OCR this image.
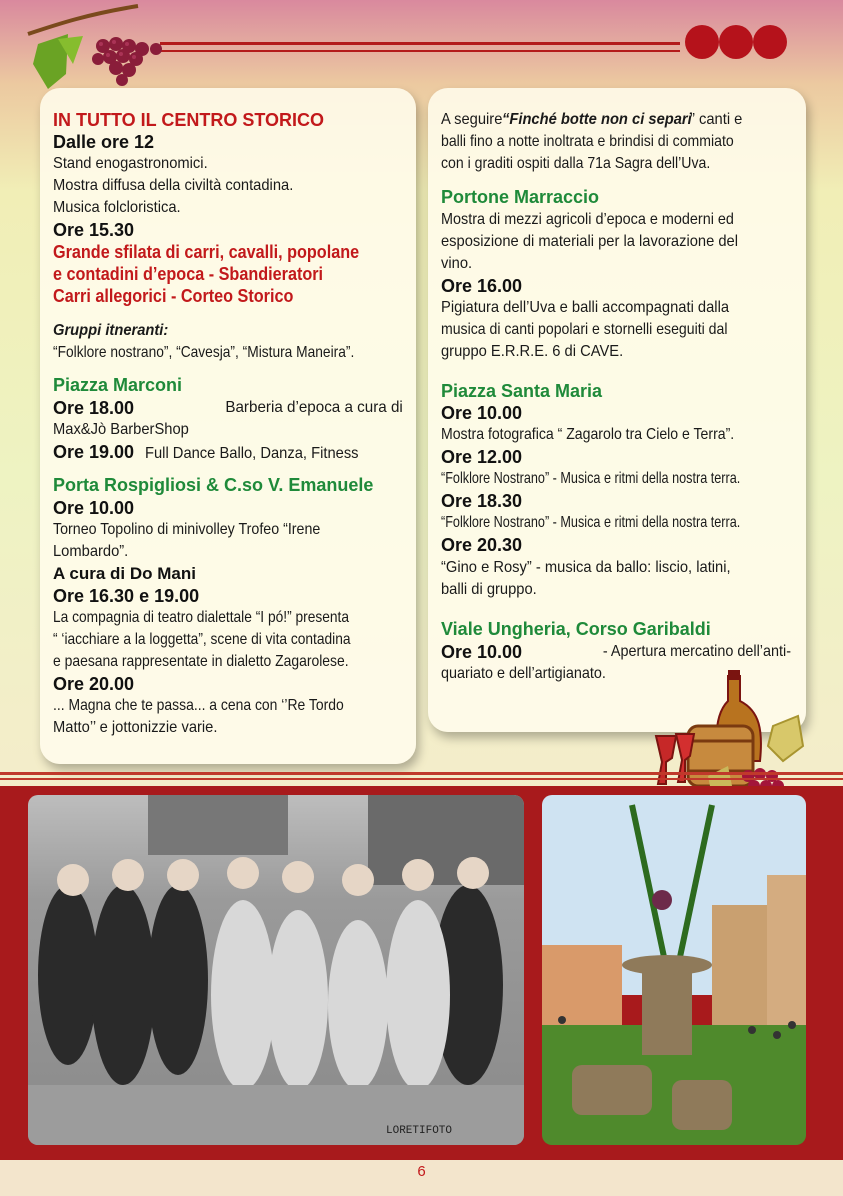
IN TUTTO IL CENTRO STORICO

Dalle ore 12

Stand enogastronomici.

Mostra diffusa della civiltà contadina.

Musica folcloristica.

Ore 15.30

Grande sfilata di carri, cavalli, popolane

e contadini d’epoca - Sbandieratori

Carri allegorici - Corteo Storico

Gruppi itneranti:

“Folklore nostrano”, “Cavesja”, “Mistura Maneira”.

Piazza Marconi

Ore 18.00	Barberia d’epoca a cura di

Max&Jò BarberShop

Ore 19.00 Full Dance Ballo, Danza, Fitness

Porta Rospigliosi & C.so V. Emanuele

Ore 10.00

Torneo Topolino di minivolley Trofeo “Irene

Lombardo”.

A cura di Do Mani

Ore 16.30 e 19.00

La compagnia di teatro dialettale “I pó!” presenta

“ ‘iacchiare a la loggetta”, scene di vita contadina

e paesana rappresentate in dialetto Zagarolese.

Ore 20.00

... Magna che te passa... a cena con ‘’Re Tordo

Matto’’ e jottonizzie varie.

A seguire“Finché botte non ci separi” canti e

balli fino a notte inoltrata e brindisi di commiato

con i graditi ospiti dalla 71a Sagra dell’Uva.

Portone Marraccio

Mostra di mezzi agricoli d’epoca e moderni ed

esposizione di materiali per la lavorazione del

vino.

Ore 16.00

Pigiatura dell’Uva e balli accompagnati dalla

musica di canti popolari e stornelli eseguiti dal

gruppo E.R.R.E. 6 di CAVE.

Piazza Santa Maria

Ore 10.00

Mostra fotografica “ Zagarolo tra Cielo e Terra”.

Ore 12.00

“Folklore Nostrano” - Musica e ritmi della nostra terra.

Ore 18.30

“Folklore Nostrano” - Musica e ritmi della nostra terra.

Ore 20.30

“Gino e Rosy” - musica da ballo: liscio, latini,

balli di gruppo.

Viale Ungheria, Corso Garibaldi

Ore 10.00	- Apertura mercatino dell’anti-

quariato e dell’artigianato.

LORETIFOTO
6
